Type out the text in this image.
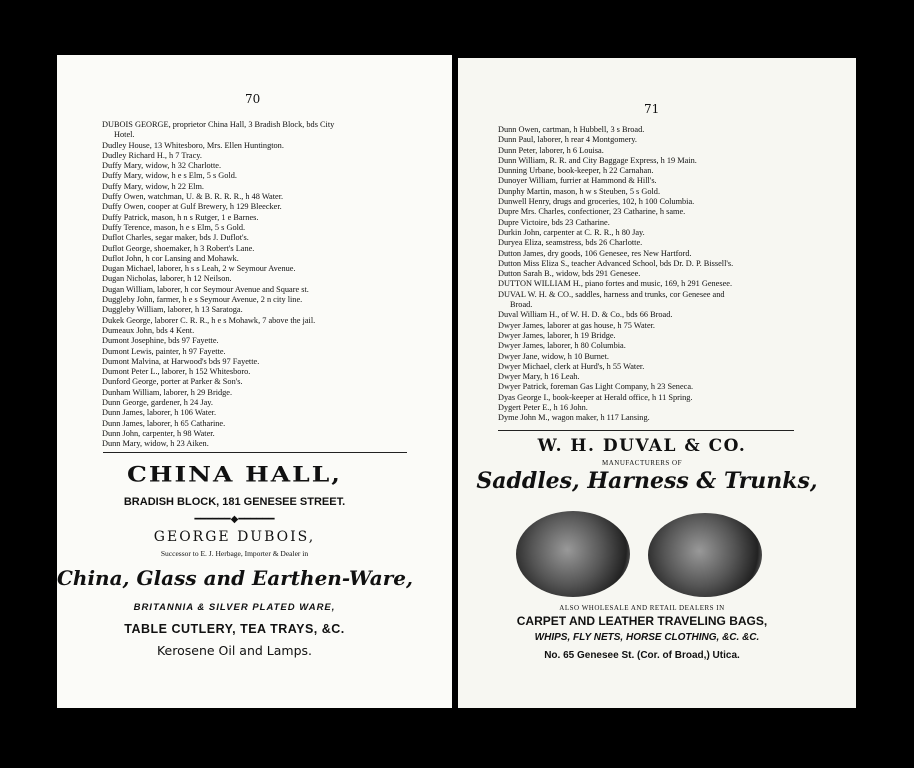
70
DUBOIS GEORGE, proprietor China Hall, 3 Bradish Block, bds City
Hotel.
Dudley House, 13 Whitesboro, Mrs. Ellen Huntington.
Dudley Richard H., h 7 Tracy.
Duffy Mary, widow, h 32 Charlotte.
Duffy Mary, widow, h e s Elm, 5 s Gold.
Duffy Mary, widow, h 22 Elm.
Duffy Owen, watchman, U. & B. R. R. R., h 48 Water.
Duffy Owen, cooper at Gulf Brewery, h 129 Bleecker.
Duffy Patrick, mason, h n s Rutger, 1 e Barnes.
Duffy Terence, mason, h e s Elm, 5 s Gold.
Duflot Charles, segar maker, bds J. Duflot's.
Duflot George, shoemaker, h 3 Robert's Lane.
Duflot John, h cor Lansing and Mohawk.
Dugan Michael, laborer, h s s Leah, 2 w Seymour Avenue.
Dugan Nicholas, laborer, h 12 Neilson.
Dugan William, laborer, h cor Seymour Avenue and Square st.
Duggleby John, farmer, h e s Seymour Avenue, 2 n city line.
Duggleby William, laborer, h 13 Saratoga.
Dukek George, laborer C. R. R., h e s Mohawk, 7 above the jail.
Dumeaux John, bds 4 Kent.
Dumont Josephine, bds 97 Fayette.
Dumont Lewis, painter, h 97 Fayette.
Dumont Malvina, at Harwood's bds 97 Fayette.
Dumont Peter L., laborer, h 152 Whitesboro.
Dunford George, porter at Parker & Son's.
Dunham William, laborer, h 29 Bridge.
Dunn George, gardener, h 24 Jay.
Dunn James, laborer, h 106 Water.
Dunn James, laborer, h 65 Catharine.
Dunn John, carpenter, h 98 Water.
Dunn Mary, widow, h 23 Aiken.
CHINA HALL,
BRADISH BLOCK, 181 GENESEE STREET.
━━━━━━◆━━━━━━
GEORGE DUBOIS,
Successor to E. J. Herbage, Importer & Dealer in
China, Glass and Earthen-Ware,
BRITANNIA & SILVER PLATED WARE,
TABLE CUTLERY, TEA TRAYS, &C.
Kerosene Oil and Lamps.
71
Dunn Owen, cartman, h Hubbell, 3 s Broad.
Dunn Paul, laborer, h rear 4 Montgomery.
Dunn Peter, laborer, h 6 Louisa.
Dunn William, R. R. and City Baggage Express, h 19 Main.
Dunning Urbane, book-keeper, h 22 Carnahan.
Dunoyer William, furrier at Hammond & Hill's.
Dunphy Martin, mason, h w s Steuben, 5 s Gold.
Dunwell Henry, drugs and groceries, 102, h 100 Columbia.
Dupre Mrs. Charles, confectioner, 23 Catharine, h same.
Dupre Victoire, bds 23 Catharine.
Durkin John, carpenter at C. R. R., h 80 Jay.
Duryea Eliza, seamstress, bds 26 Charlotte.
Dutton James, dry goods, 106 Genesee, res New Hartford.
Dutton Miss Eliza S., teacher Advanced School, bds Dr. D. P. Bissell's.
Dutton Sarah B., widow, bds 291 Genesee.
DUTTON WILLIAM H., piano fortes and music, 169, h 291 Genesee.
DUVAL W. H. & CO., saddles, harness and trunks, cor Genesee and
Broad.
Duval William H., of W. H. D. & Co., bds 66 Broad.
Dwyer James, laborer at gas house, h 75 Water.
Dwyer James, laborer, h 19 Bridge.
Dwyer James, laborer, h 80 Columbia.
Dwyer Jane, widow, h 10 Burnet.
Dwyer Michael, clerk at Hurd's, h 55 Water.
Dwyer Mary, h 16 Leah.
Dwyer Patrick, foreman Gas Light Company, h 23 Seneca.
Dyas George I., book-keeper at Herald office, h 11 Spring.
Dygert Peter E., h 16 John.
Dyme John M., wagon maker, h 117 Lansing.
W. H. DUVAL & CO.
MANUFACTURERS OF
Saddles, Harness & Trunks,
ALSO WHOLESALE AND RETAIL DEALERS IN
CARPET AND LEATHER TRAVELING BAGS,
WHIPS, FLY NETS, HORSE CLOTHING, &C. &C.
No. 65 Genesee St. (Cor. of Broad,) Utica.
